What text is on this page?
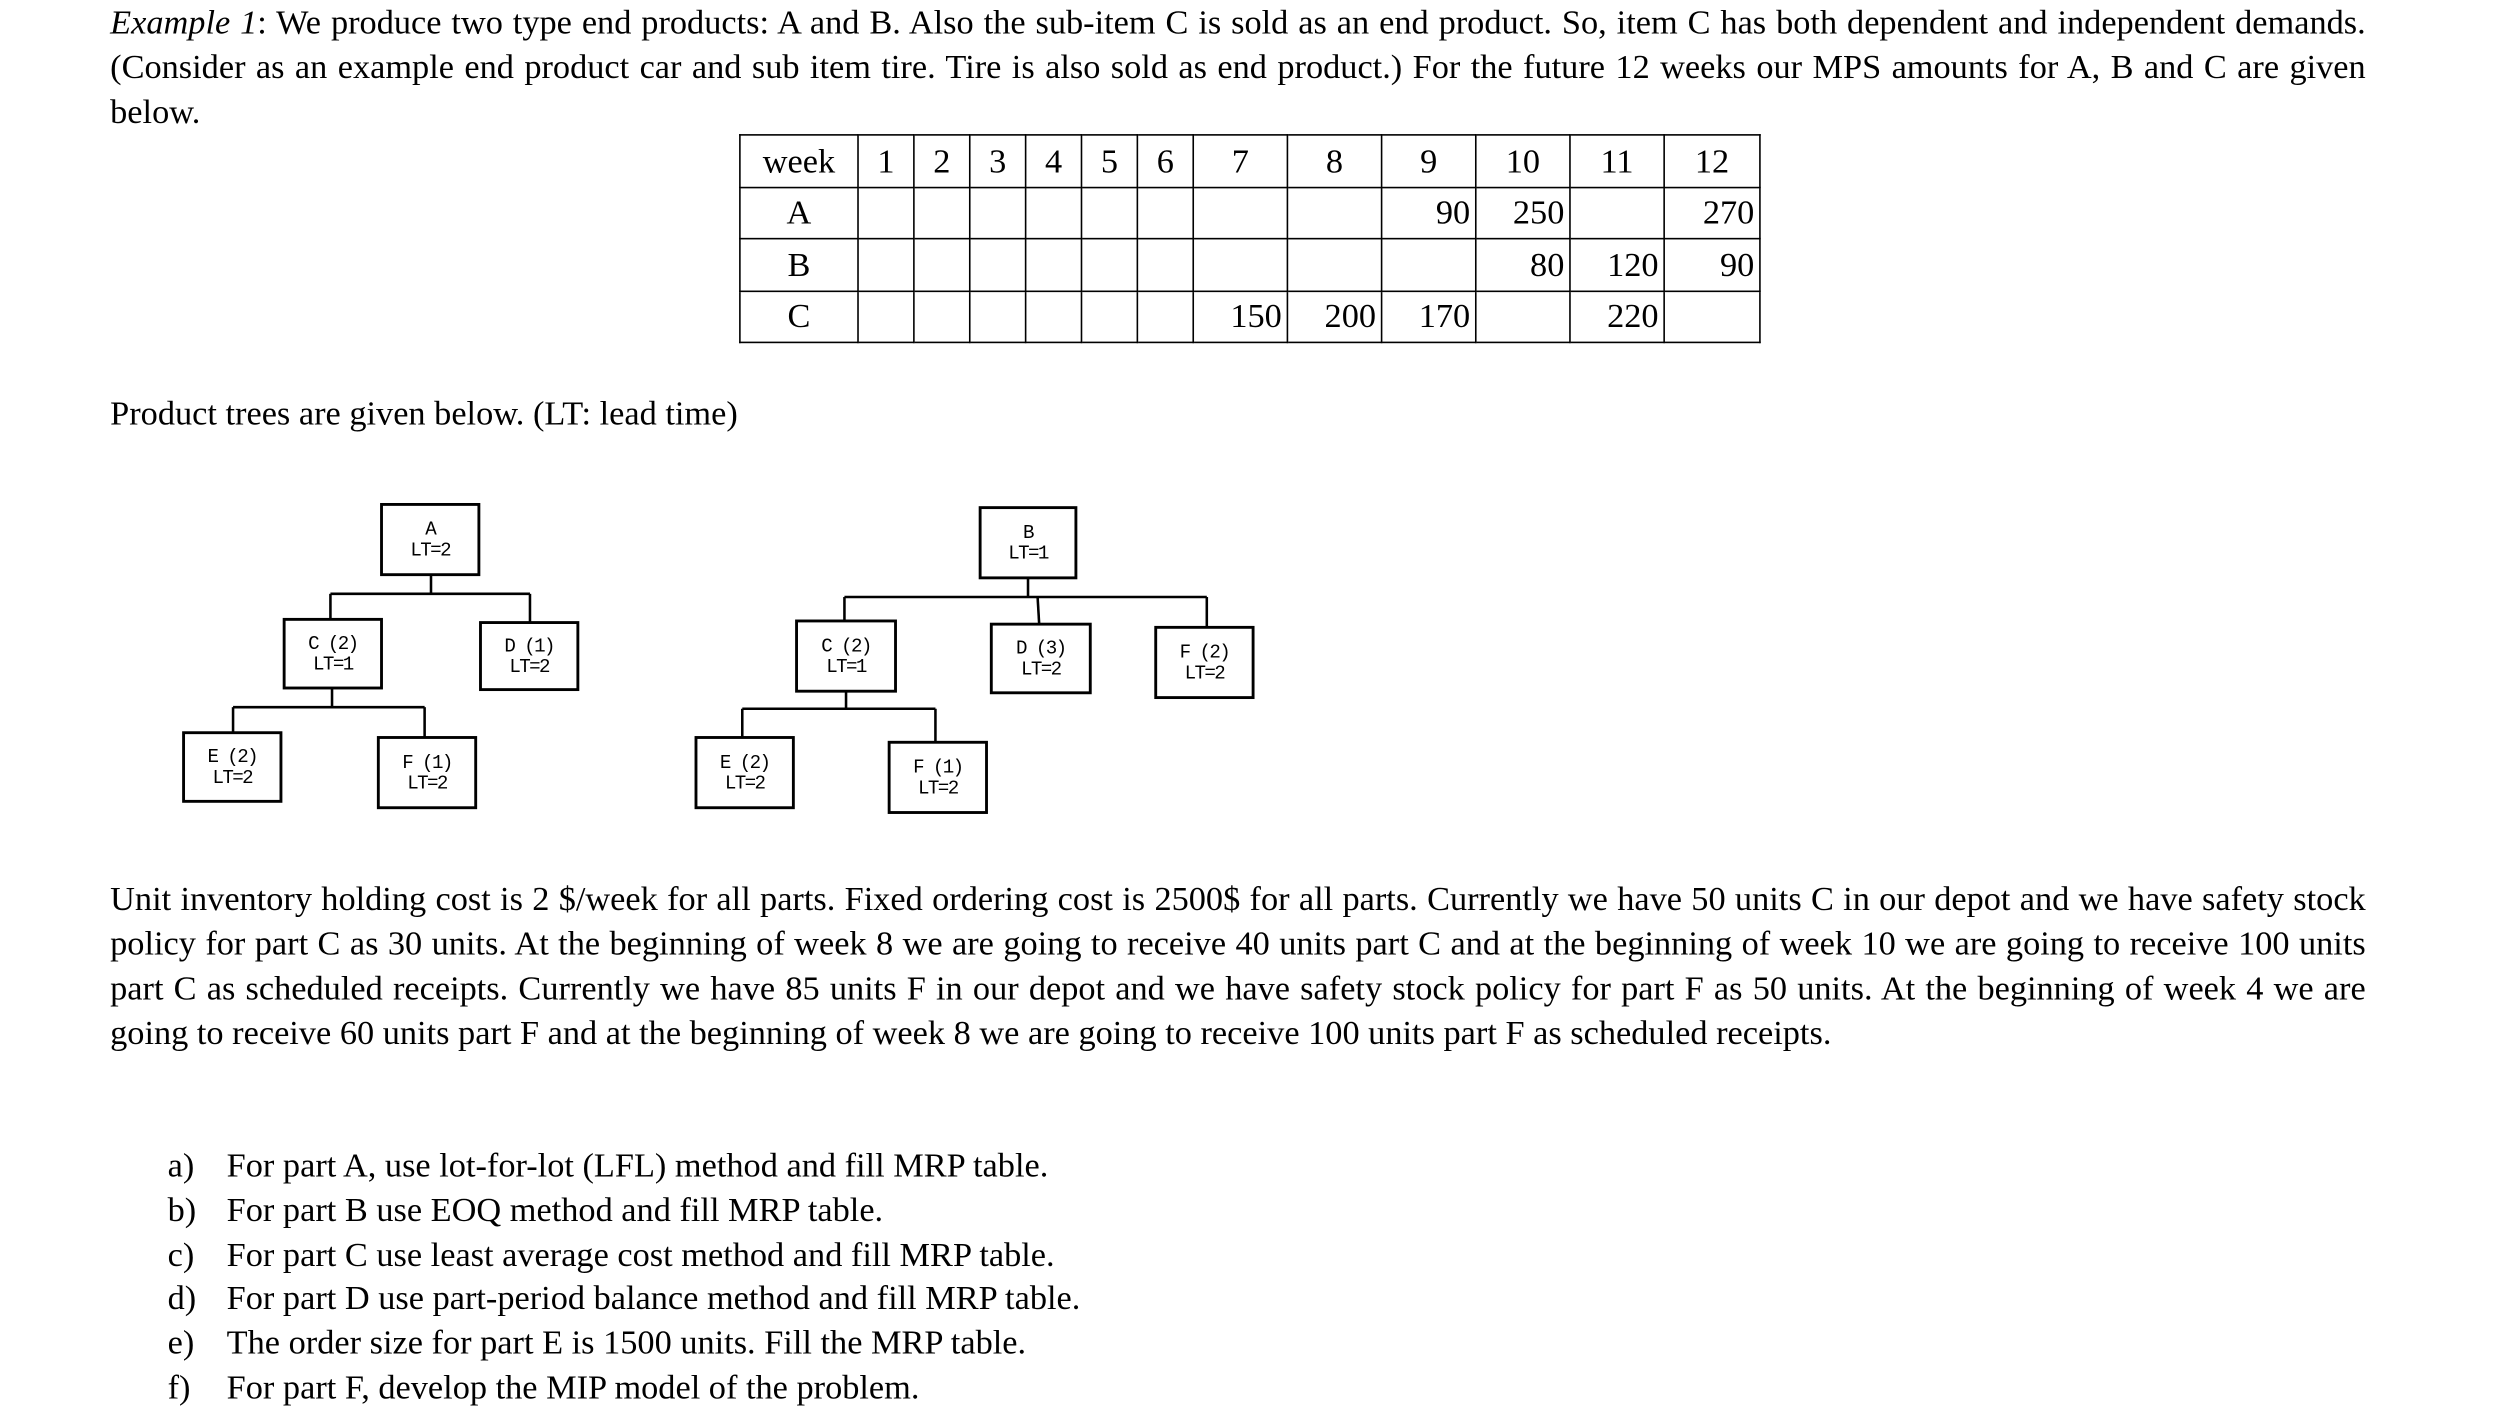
Example 1: We produce two type end products: A and B. Also the sub-item C is sold as an end product. So, item C has both dependent and independent demands. (Consider as an example end product car and sub item tire. Tire is also sold as end product.) For the future 12 weeks our MPS amounts for A, B and C are given below.
week	1	2	3	4	5	6	7	8	9	10	11	12
A									90	250		270
B										80	120	90
C							150	200	170		220	
Product trees are given below. (LT: lead time)
A
LT=2
C (2)
LT=1
D (1)
LT=2
E (2)
LT=2
F (1)
LT=2
B
LT=1
C (2)
LT=1
D (3)
LT=2
F (2)
LT=2
E (2)
LT=2
F (1)
LT=2
Unit inventory holding cost is 2 $/week for all parts. Fixed ordering cost is 2500$ for all parts. Currently we have 50 units C in our depot and we have safety stock policy for part C as 30 units. At the beginning of week 8 we are going to receive 40 units part C and at the beginning of week 10 we are going to receive 100 units part C as scheduled receipts. Currently we have 85 units F in our depot and we have safety stock policy for part F as 50 units. At the beginning of week 4 we are going to receive 60 units part F and at the beginning of week 8 we are going to receive 100 units part F as scheduled receipts.
a) For part A, use lot-for-lot (LFL) method and fill MRP table.
b) For part B use EOQ method and fill MRP table.
c) For part C use least average cost method and fill MRP table.
d) For part D use part-period balance method and fill MRP table.
e) The order size for part E is 1500 units. Fill the MRP table.
f) For part F, develop the MIP model of the problem.
